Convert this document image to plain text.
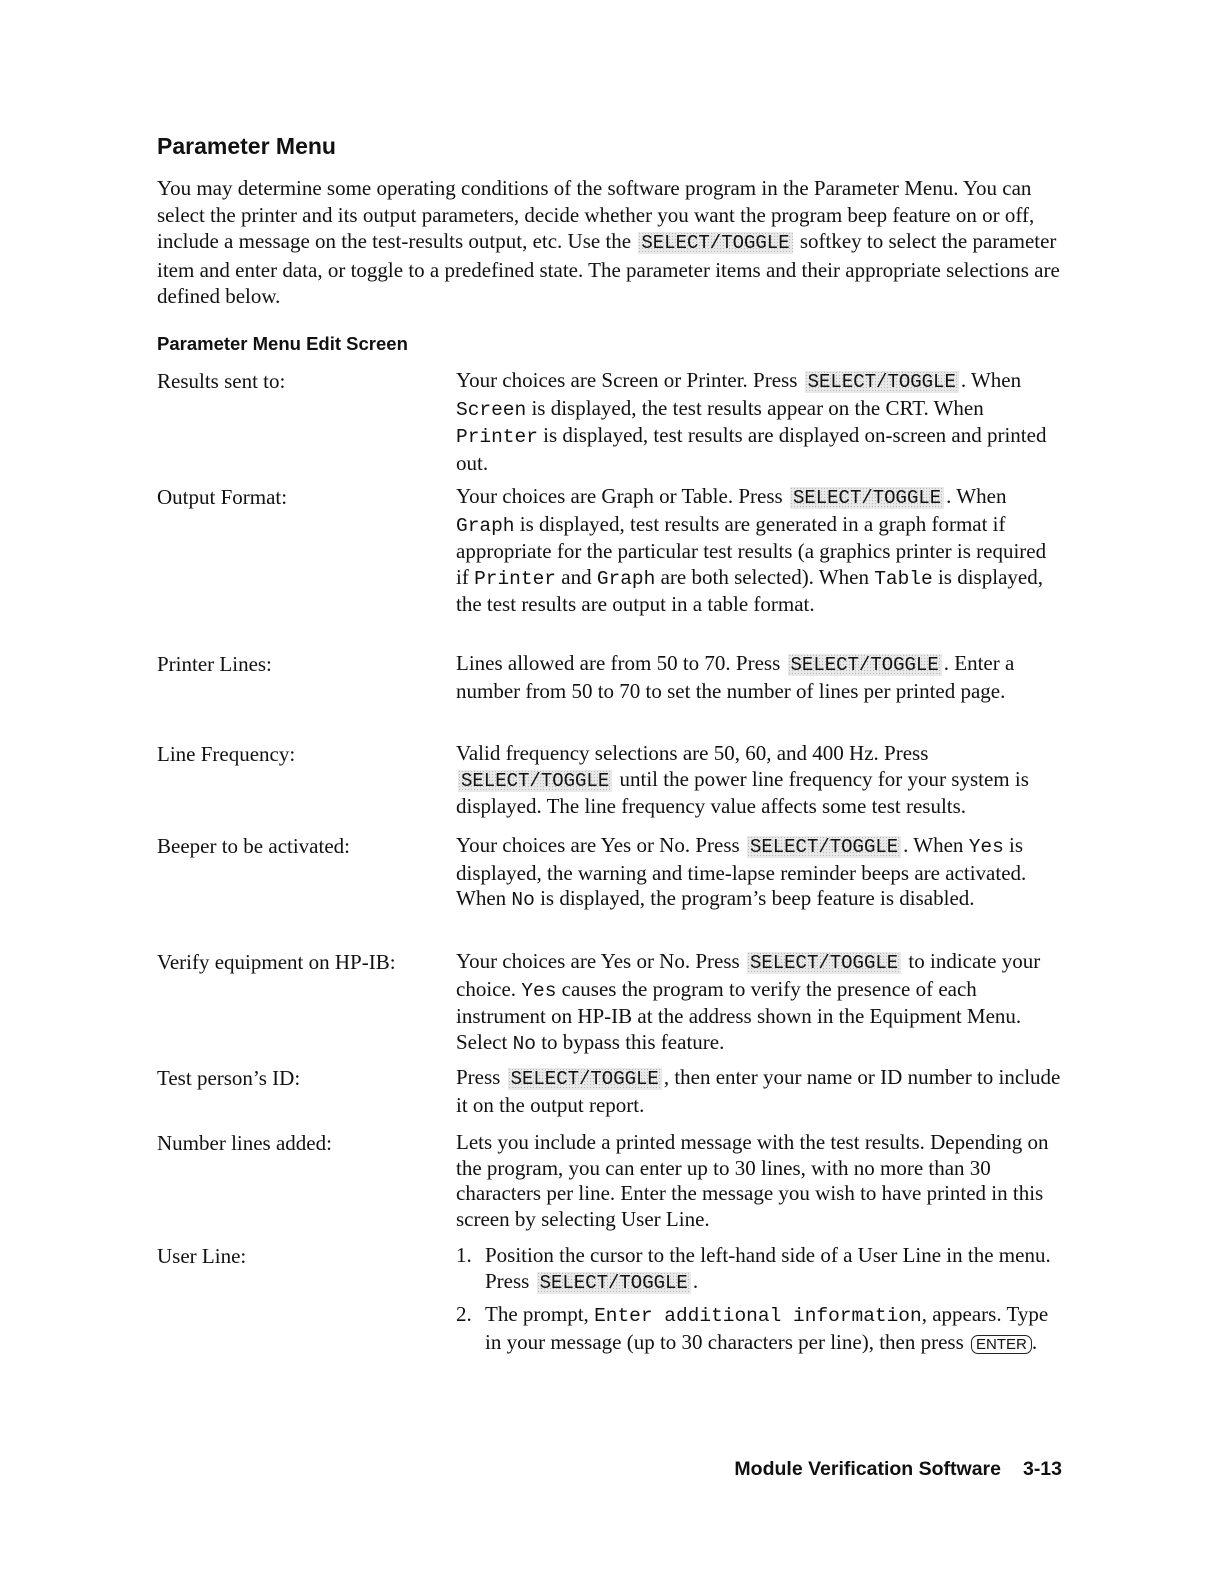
Parameter Menu

You may determine some operating conditions of the software program in the Parameter Menu. You can select the printer and its output parameters, decide whether you want the program beep feature on or off, include a message on the test-results output, etc. Use the SELECT/TOGGLE softkey to select the parameter item and enter data, or toggle to a predefined state. The parameter items and their appropriate selections are defined below.

Parameter Menu Edit Screen

Results sent to:	Your choices are Screen or Printer. Press SELECT/TOGGLE . When Screen is displayed, the test results appear on the CRT. When Printer is displayed, test results are displayed on-screen and printed out.

Output Format:	Your choices are Graph or Table. Press SELECT/TOGGLE . When Graph is displayed, test results are generated in a graph format if appropriate for the particular test results (a graphics printer is required if Printer and Graph are both selected). When Table is displayed, the test results are output in a table format.

Printer Lines:	Lines allowed are from 50 to 70. Press SELECT/TOGGLE . Enter a number from 50 to 70 to set the number of lines per printed page.

Line Frequency:	Valid frequency selections are 50, 60, and 400 Hz. Press SELECT/TOGGLE until the power line frequency for your system is displayed. The line frequency value affects some test results.

Beeper to be activated:	Your choices are Yes or No. Press SELECT/TOGGLE . When Yes is displayed, the warning and time-lapse reminder beeps are activated. When No is displayed, the program’s beep feature is disabled.

Verify equipment on HP-IB:	Your choices are Yes or No. Press SELECT/TOGGLE to indicate your choice. Yes causes the program to verify the presence of each instrument on HP-IB at the address shown in the Equipment Menu. Select No to bypass this feature.

Test person’s ID:	Press SELECT/TOGGLE , then enter your name or ID number to include it on the output report.

Number lines added:	Lets you include a printed message with the test results. Depending on the program, you can enter up to 30 lines, with no more than 30 characters per line. Enter the message you wish to have printed in this screen by selecting User Line.

User Line:	1. Position the cursor to the left-hand side of a User Line in the menu. Press SELECT/TOGGLE .
2. The prompt, Enter additional information, appears. Type in your message (up to 30 characters per line), then press ENTER .

Module Verification Software 3-13
